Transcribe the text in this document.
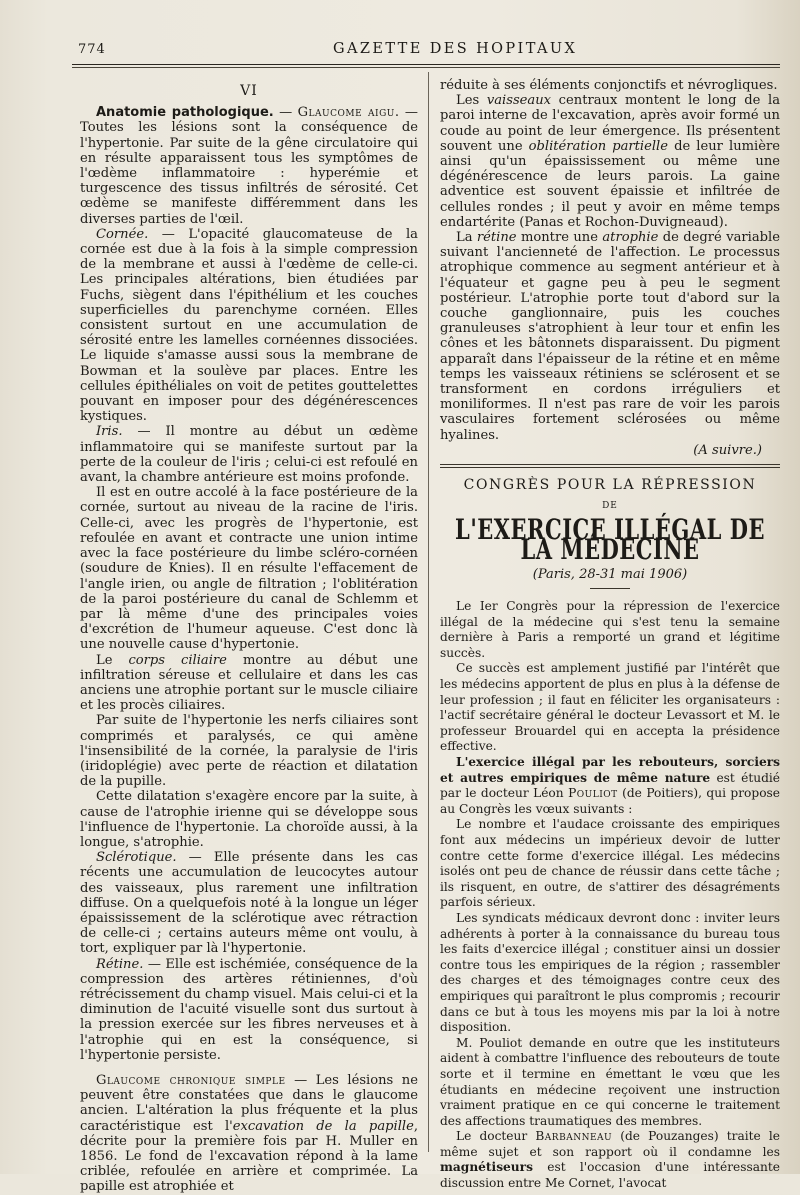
774	GAZETTE DES HOPITAUX
VI

Anatomie pathologique. — Glaucome aigu. — Toutes les lésions sont la conséquence de l'hypertonie. Par suite de la gêne circulatoire qui en résulte apparaissent tous les symptômes de l'œdème inflammatoire : hyperémie et turgescence des tissus infiltrés de sérosité. Cet œdème se manifeste différemment dans les diverses parties de l'œil.

Cornée. — L'opacité glaucomateuse de la cornée est due à la fois à la simple compression de la membrane et aussi à l'œdème de celle-ci. Les principales altérations, bien étudiées par Fuchs, siègent dans l'épithélium et les couches superficielles du parenchyme cornéen. Elles consistent surtout en une accumulation de sérosité entre les lamelles cornéennes dissociées. Le liquide s'amasse aussi sous la membrane de Bowman et la soulève par places. Entre les cellules épithéliales on voit de petites gouttelettes pouvant en imposer pour des dégénérescences kystiques.

Iris. — Il montre au début un œdème inflammatoire qui se manifeste surtout par la perte de la couleur de l'iris ; celui-ci est refoulé en avant, la chambre antérieure est moins profonde.

Il est en outre accolé à la face postérieure de la cornée, surtout au niveau de la racine de l'iris. Celle-ci, avec les progrès de l'hypertonie, est refoulée en avant et contracte une union intime avec la face postérieure du limbe scléro-cornéen (soudure de Knies). Il en résulte l'effacement de l'angle irien, ou angle de filtration ; l'oblitération de la paroi postérieure du canal de Schlemm et par là même d'une des principales voies d'excrétion de l'humeur aqueuse. C'est donc là une nouvelle cause d'hypertonie.

Le corps ciliaire montre au début une infiltration séreuse et cellulaire et dans les cas anciens une atrophie portant sur le muscle ciliaire et les procès ciliaires.

Par suite de l'hypertonie les nerfs ciliaires sont comprimés et paralysés, ce qui amène l'insensibilité de la cornée, la paralysie de l'iris (iridoplégie) avec perte de réaction et dilatation de la pupille.

Cette dilatation s'exagère encore par la suite, à cause de l'atrophie irienne qui se développe sous l'influence de l'hypertonie. La choroïde aussi, à la longue, s'atrophie.

Sclérotique. — Elle présente dans les cas récents une accumulation de leucocytes autour des vaisseaux, plus rarement une infiltration diffuse. On a quelquefois noté à la longue un léger épaississement de la sclérotique avec rétraction de celle-ci ; certains auteurs même ont voulu, à tort, expliquer par là l'hypertonie.

Rétine. — Elle est ischémiée, conséquence de la compression des artères rétiniennes, d'où rétrécissement du champ visuel. Mais celui-ci et la diminution de l'acuité visuelle sont dus surtout à la pression exercée sur les fibres nerveuses et à l'atrophie qui en est la conséquence, si l'hypertonie persiste.

Glaucome chronique simple — Les lésions ne peuvent être constatées que dans le glaucome ancien. L'altération la plus fréquente et la plus caractéristique est l'excavation de la papille, décrite pour la première fois par H. Muller en 1856. Le fond de l'excavation répond à la lame criblée, refoulée en arrière et comprimée. La papille est atrophiée et

réduite à ses éléments conjonctifs et névrogliques.

Les vaisseaux centraux montent le long de la paroi interne de l'excavation, après avoir formé un coude au point de leur émergence. Ils présentent souvent une oblitération partielle de leur lumière ainsi qu'un épaississement ou même une dégénérescence de leurs parois. La gaine adventice est souvent épaissie et infiltrée de cellules rondes ; il peut y avoir en même temps endartérite (Panas et Rochon-Duvigneaud).

La rétine montre une atrophie de degré variable suivant l'ancienneté de l'affection. Le processus atrophique commence au segment antérieur et à l'équateur et gagne peu à peu le segment postérieur. L'atrophie porte tout d'abord sur la couche ganglionnaire, puis les couches granuleuses s'atrophient à leur tour et enfin les cônes et les bâtonnets disparaissent. Du pigment apparaît dans l'épaisseur de la rétine et en même temps les vaisseaux rétiniens se sclérosent et se transforment en cordons irréguliers et moniliformes. Il n'est pas rare de voir les parois vasculaires fortement sclérosées ou même hyalines.

(A suivre.)
CONGRÈS POUR LA RÉPRESSION
DE
L'EXERCICE ILLÉGAL DE LA MÉDECINE
(Paris, 28-31 mai 1906)

Le Ier Congrès pour la répression de l'exercice illégal de la médecine qui s'est tenu la semaine dernière à Paris a remporté un grand et légitime succès.

Ce succès est amplement justifié par l'intérêt que les médecins apportent de plus en plus à la défense de leur profession ; il faut en féliciter les organisateurs : l'actif secrétaire général le docteur Levassort et M. le professeur Brouardel qui en accepta la présidence effective.

L'exercice illégal par les rebouteurs, sorciers et autres empiriques de même nature est étudié par le docteur Léon Pouliot (de Poitiers), qui propose au Congrès les vœux suivants :

Le nombre et l'audace croissante des empiriques font aux médecins un impérieux devoir de lutter contre cette forme d'exercice illégal. Les médecins isolés ont peu de chance de réussir dans cette tâche ; ils risquent, en outre, de s'attirer des désagréments parfois sérieux.

Les syndicats médicaux devront donc : inviter leurs adhérents à porter à la connaissance du bureau tous les faits d'exercice illégal ; constituer ainsi un dossier contre tous les empiriques de la région ; rassembler des charges et des témoignages contre ceux des empiriques qui paraîtront le plus compromis ; recourir dans ce but à tous les moyens mis par la loi à notre disposition.

M. Pouliot demande en outre que les instituteurs aident à combattre l'influence des rebouteurs de toute sorte et il termine en émettant le vœu que les étudiants en médecine reçoivent une instruction vraiment pratique en ce qui concerne le traitement des affections traumatiques des membres.

Le docteur Barbanneau (de Pouzanges) traite le même sujet et son rapport où il condamne les magnétiseurs est l'occasion d'une intéressante discussion entre Me Cornet, l'avocat
